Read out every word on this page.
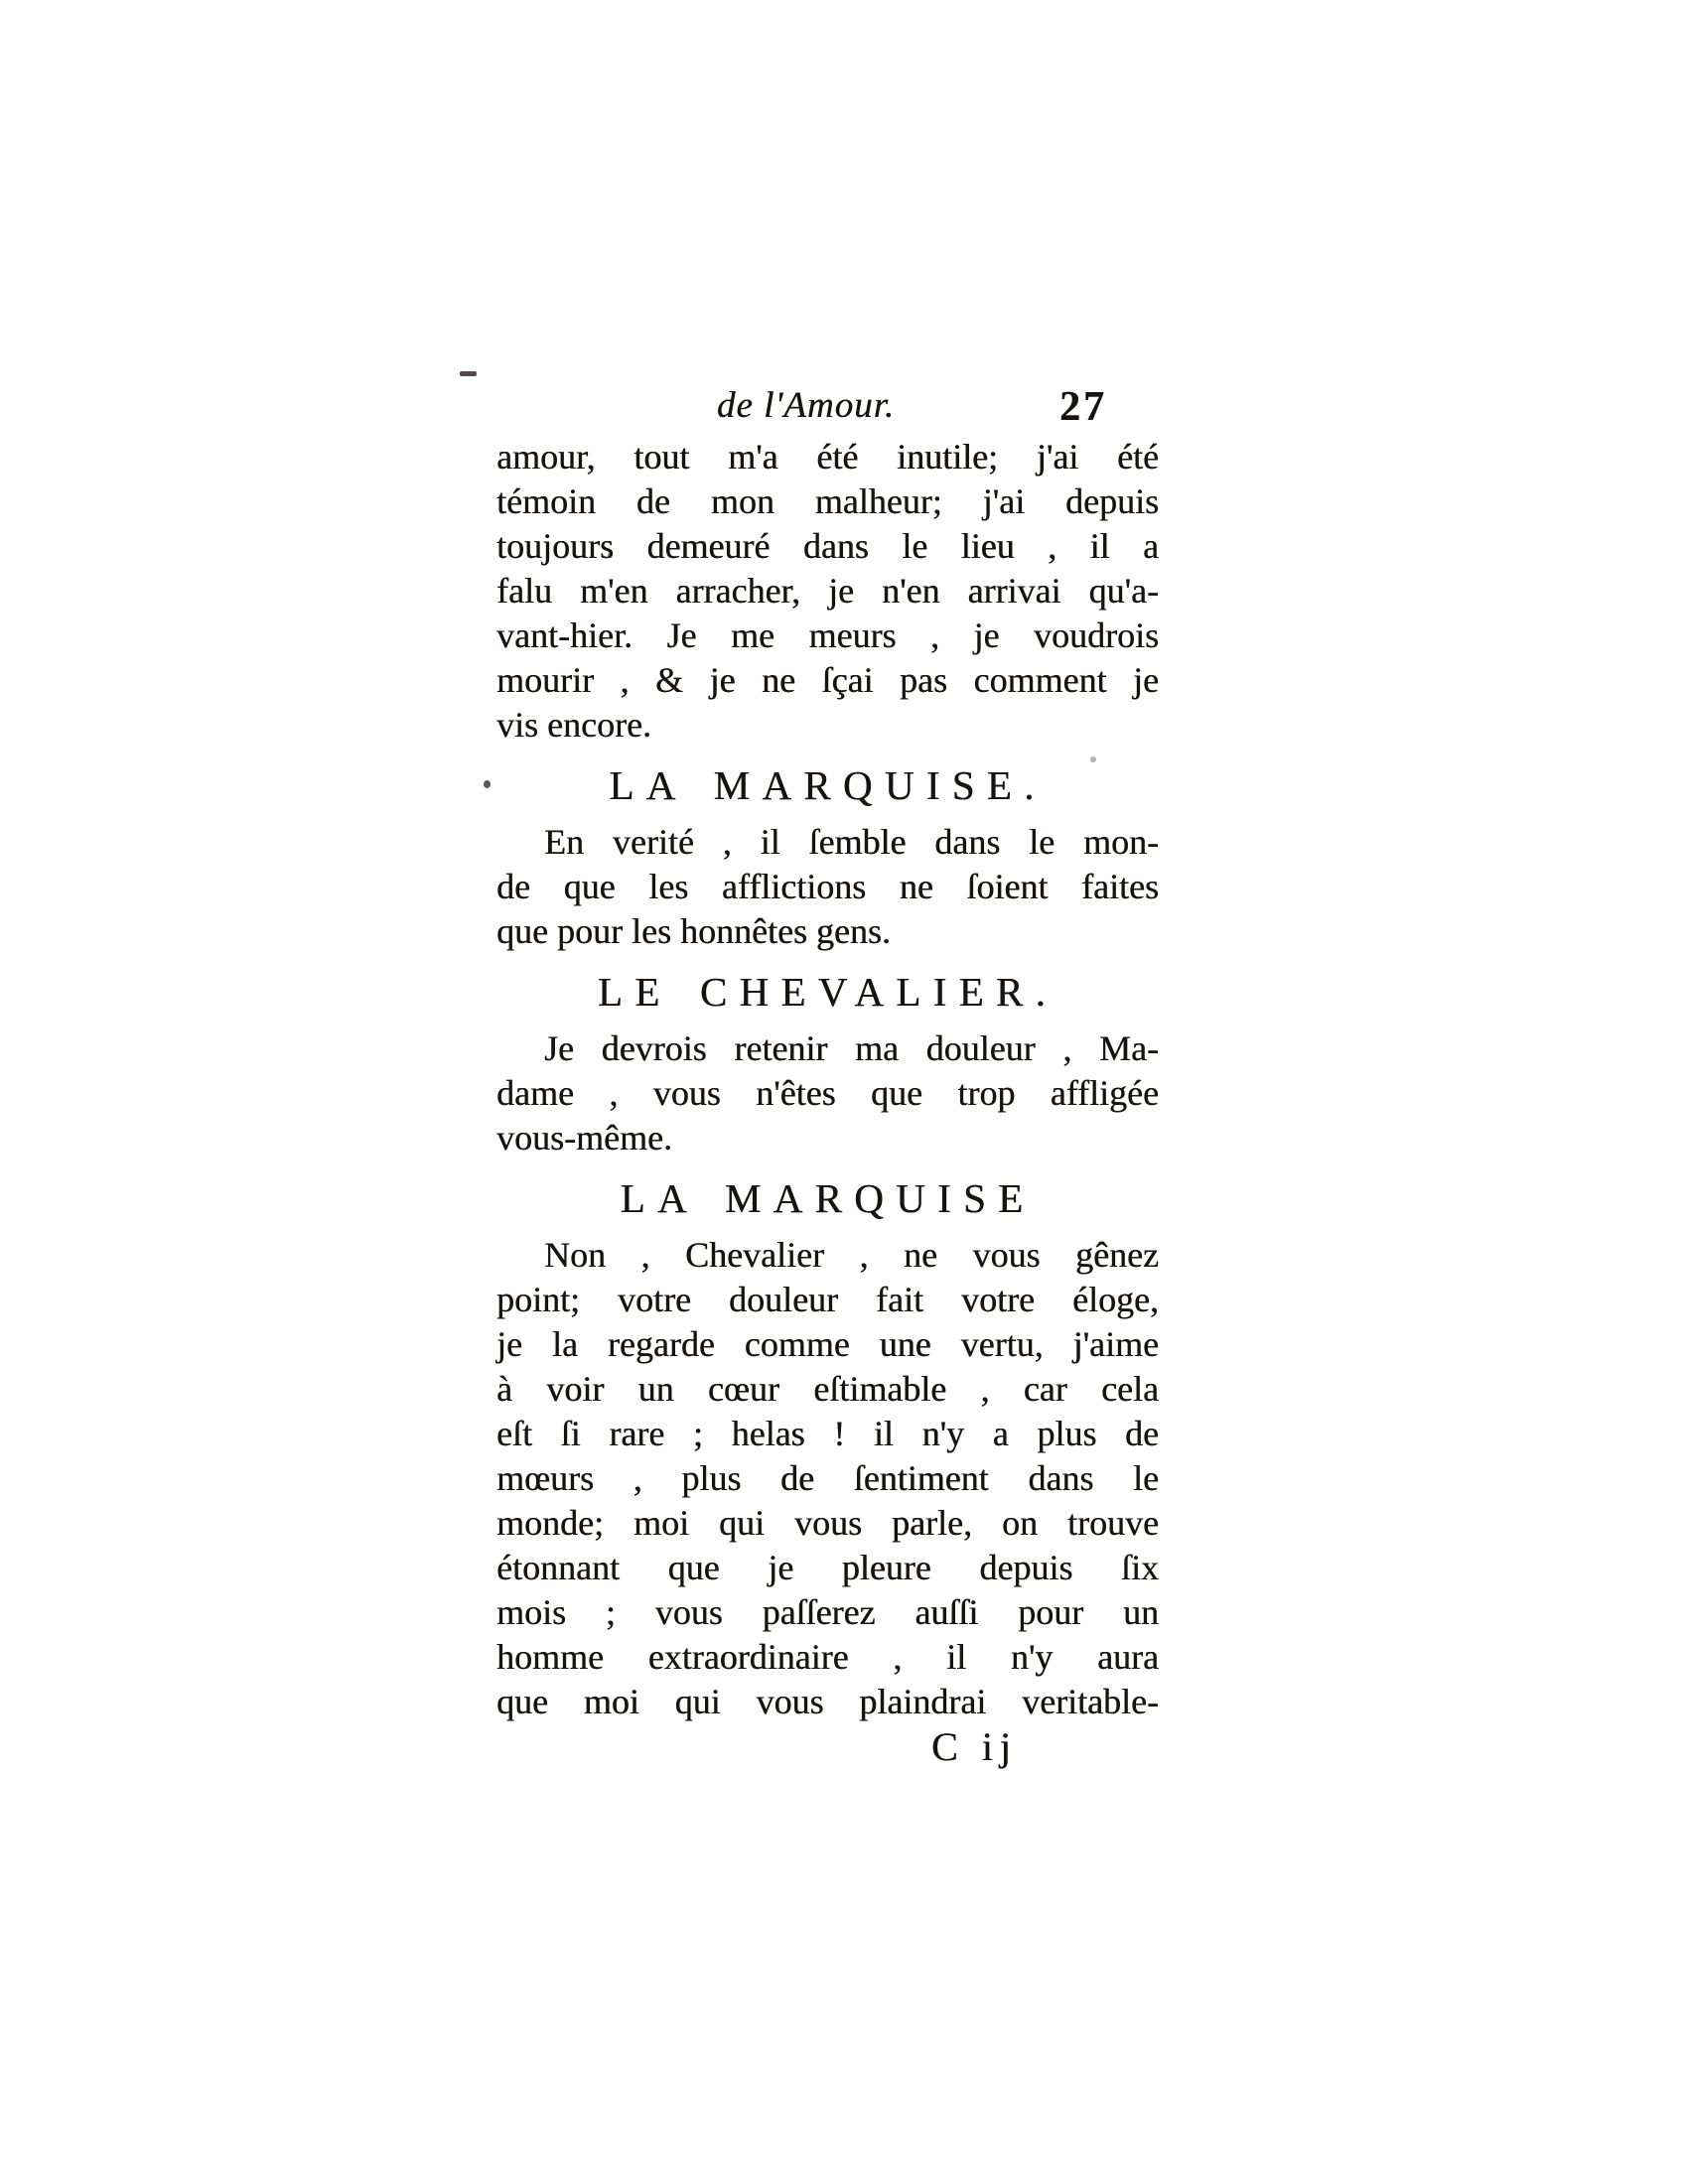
de l'Amour.	27
amour, tout m'a été inutile; j'ai été
témoin de mon malheur; j'ai depuis
toujours demeuré dans le lieu , il a
falu m'en arracher, je n'en arrivai qu'a-
vant-hier. Je me meurs , je voudrois
mourir , & je ne ſçai pas comment je
vis encore.
LA MARQUISE.
En verité , il ſemble dans le mon-
de que les afflictions ne ſoient faites
que pour les honnêtes gens.
LE CHEVALIER.
Je devrois retenir ma douleur , Ma-
dame , vous n'êtes que trop affligée
vous-même.
LA MARQUISE
Non , Chevalier , ne vous gênez
point; votre douleur fait votre éloge,
je la regarde comme une vertu, j'aime
à voir un cœur eſtimable , car cela
eſt ſi rare ; helas ! il n'y a plus de
mœurs , plus de ſentiment dans le
monde; moi qui vous parle, on trouve
étonnant que je pleure depuis ſix
mois ; vous paſſerez auſſi pour un
homme extraordinaire , il n'y aura
que moi qui vous plaindrai veritable-
C ij
